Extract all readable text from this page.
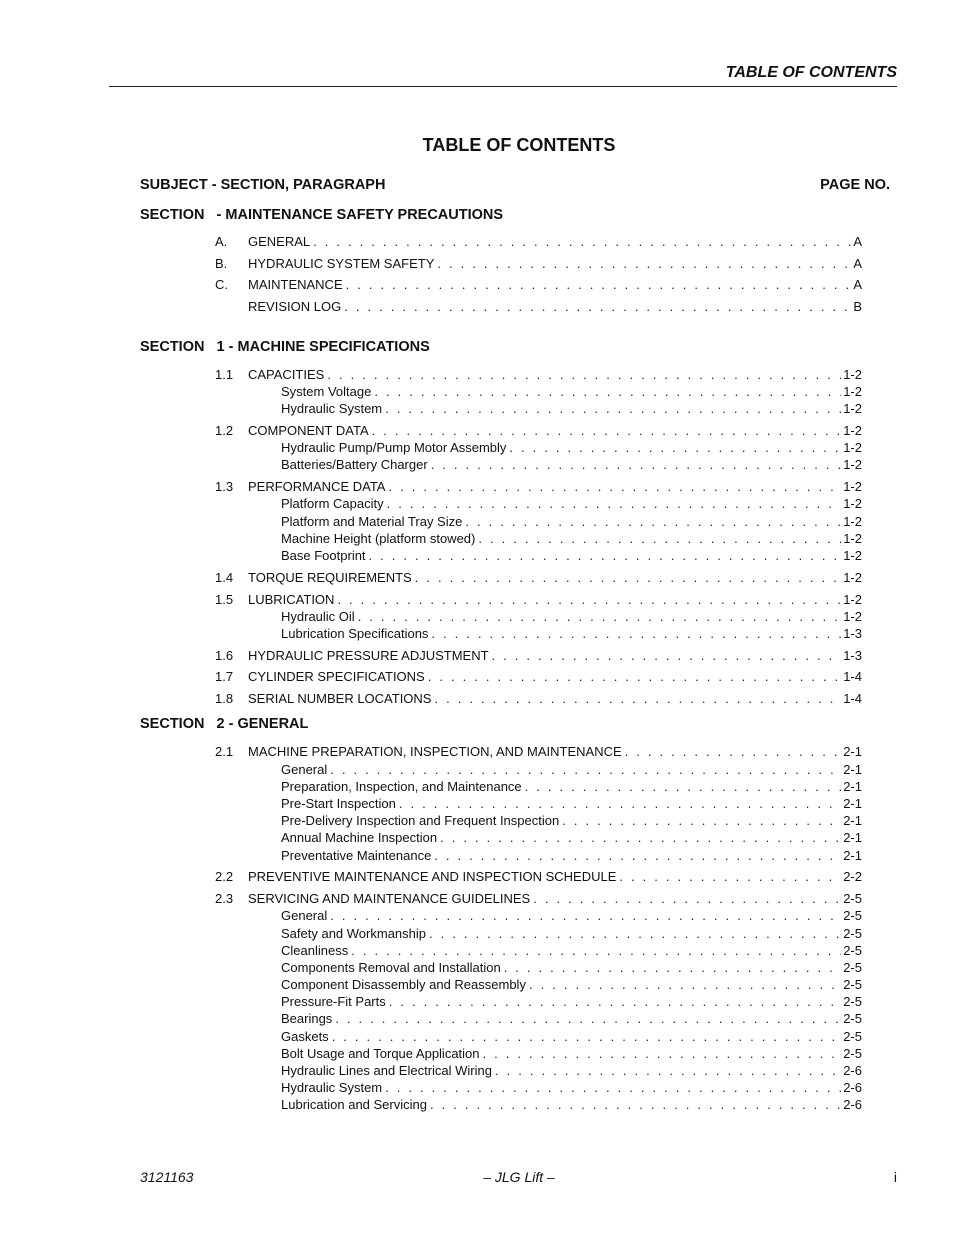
TABLE OF CONTENTS
TABLE OF CONTENTS
SUBJECT - SECTION, PARAGRAPH	PAGE NO.
SECTION   - MAINTENANCE SAFETY PRECAUTIONS
A. GENERAL . . .	A
B. HYDRAULIC SYSTEM SAFETY . . .	A
C. MAINTENANCE . . .	A
REVISION LOG . . .	B
SECTION   1 - MACHINE SPECIFICATIONS
1.1 CAPACITIES . . .	1-2
System Voltage . . .	1-2
Hydraulic System . . .	1-2
1.2 COMPONENT DATA . . .	1-2
Hydraulic Pump/Pump Motor Assembly . . .	1-2
Batteries/Battery Charger . . .	1-2
1.3 PERFORMANCE DATA . . .	1-2
Platform Capacity . . .	1-2
Platform and Material Tray Size . . .	1-2
Machine Height (platform stowed) . . .	1-2
Base Footprint . . .	1-2
1.4 TORQUE REQUIREMENTS . . .	1-2
1.5 LUBRICATION . . .	1-2
Hydraulic Oil . . .	1-2
Lubrication Specifications . . .	1-3
1.6 HYDRAULIC PRESSURE ADJUSTMENT . . .	1-3
1.7 CYLINDER SPECIFICATIONS . . .	1-4
1.8 SERIAL NUMBER LOCATIONS . . .	1-4
SECTION   2 - GENERAL
2.1 MACHINE PREPARATION, INSPECTION, AND MAINTENANCE . . .	2-1
General . . .	2-1
Preparation, Inspection, and Maintenance . . .	2-1
Pre-Start Inspection . . .	2-1
Pre-Delivery Inspection and Frequent Inspection . . .	2-1
Annual Machine Inspection . . .	2-1
Preventative Maintenance . . .	2-1
2.2 PREVENTIVE MAINTENANCE AND INSPECTION SCHEDULE . . .	2-2
2.3 SERVICING AND MAINTENANCE GUIDELINES . . .	2-5
General . . .	2-5
Safety and Workmanship . . .	2-5
Cleanliness . . .	2-5
Components Removal and Installation . . .	2-5
Component Disassembly and Reassembly . . .	2-5
Pressure-Fit Parts . . .	2-5
Bearings . . .	2-5
Gaskets . . .	2-5
Bolt Usage and Torque Application . . .	2-5
Hydraulic Lines and Electrical Wiring . . .	2-6
Hydraulic System . . .	2-6
Lubrication and Servicing . . .	2-6
3121163	– JLG Lift –	i
